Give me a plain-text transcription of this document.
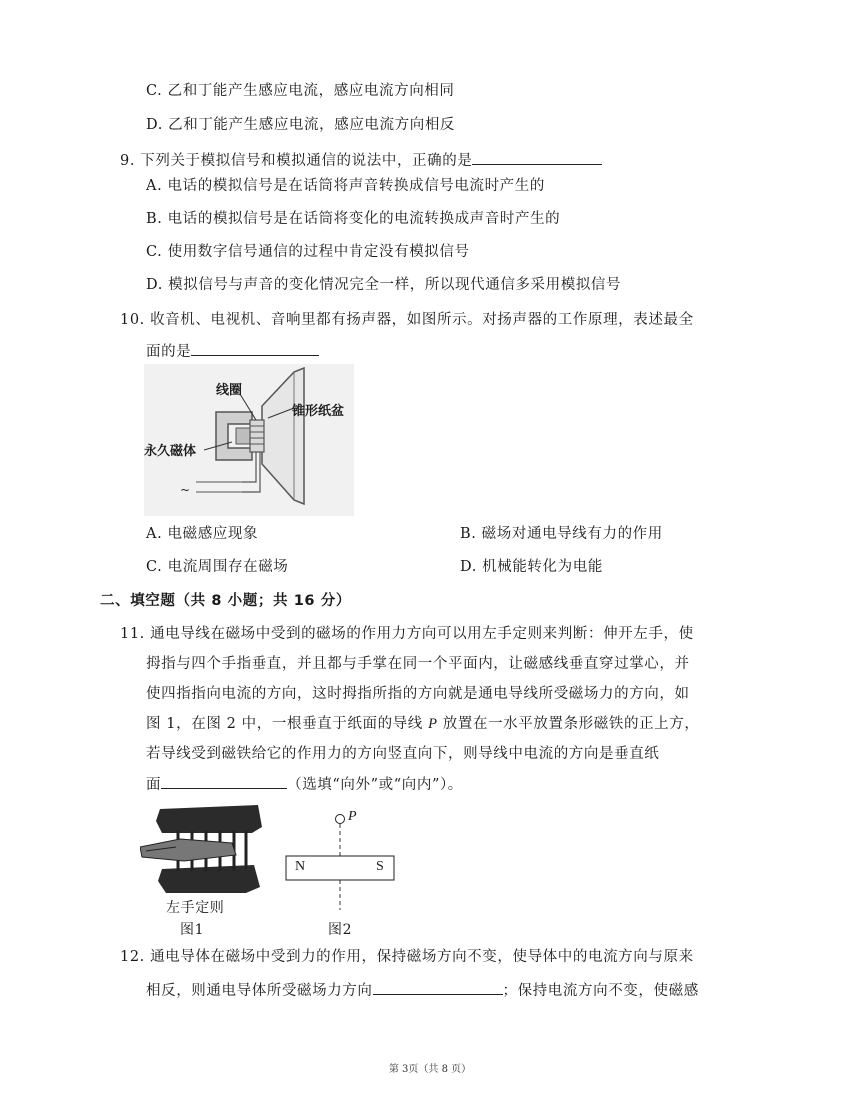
C. 乙和丁能产生感应电流，感应电流方向相同
D. 乙和丁能产生感应电流，感应电流方向相反
9. 下列关于模拟信号和模拟通信的说法中，正确的是
A. 电话的模拟信号是在话筒将声音转换成信号电流时产生的
B. 电话的模拟信号是在话筒将变化的电流转换成声音时产生的
C. 使用数字信号通信的过程中肯定没有模拟信号
D. 模拟信号与声音的变化情况完全一样，所以现代通信多采用模拟信号
10. 收音机、电视机、音响里都有扬声器，如图所示。对扬声器的工作原理，表述最全
面的是
线圈
锥形纸盆
永久磁体
~
A. 电磁感应现象	B. 磁场对通电导线有力的作用
C. 电流周围存在磁场	D. 机械能转化为电能
二、填空题（共 8 小题；共 16 分）
11. 通电导线在磁场中受到的磁场的作用力方向可以用左手定则来判断：伸开左手，使
拇指与四个手指垂直，并且都与手掌在同一个平面内，让磁感线垂直穿过掌心，并
使四指指向电流的方向，这时拇指所指的方向就是通电导线所受磁场力的方向，如
图 1，在图 2 中，一根垂直于纸面的导线 P 放置在一水平放置条形磁铁的正上方，
若导线受到磁铁给它的作用力的方向竖直向下，则导线中电流的方向是垂直纸
面	（选填“向外”或“向内”）。
左手定则
图1
P
N	S
图2
12. 通电导体在磁场中受到力的作用，保持磁场方向不变，使导体中的电流方向与原来
相反，则通电导体所受磁场力方向	；保持电流方向不变，使磁感
第 3页（共 8 页）
